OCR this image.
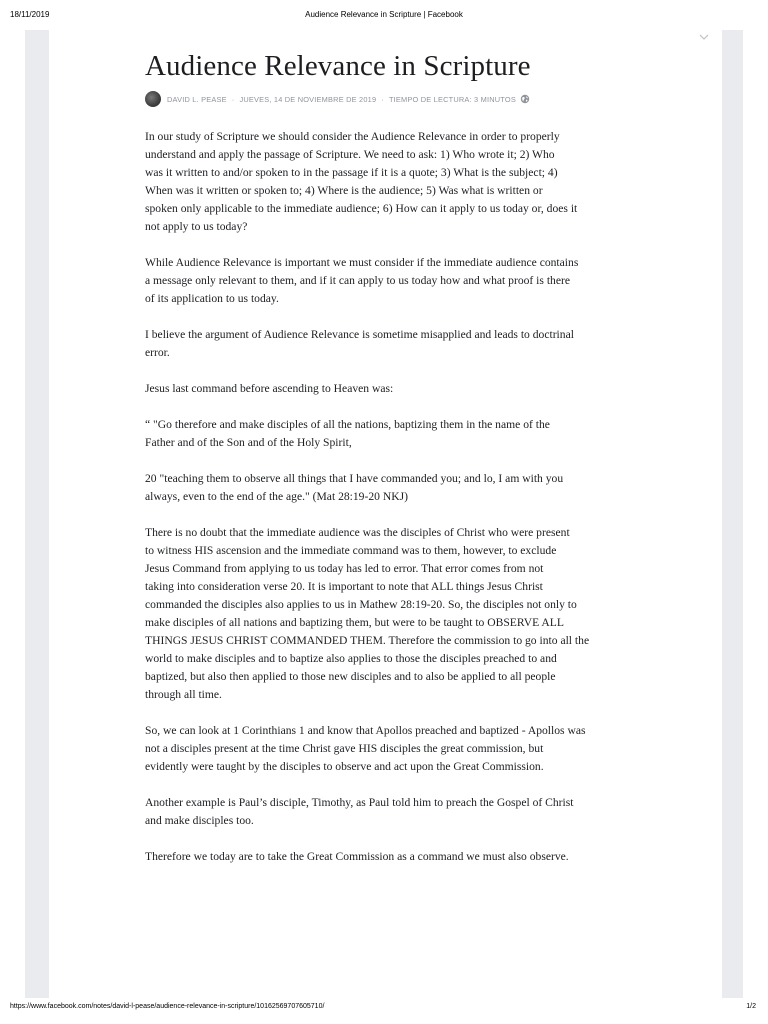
18/11/2019	Audience Relevance in Scripture | Facebook
Audience Relevance in Scripture
DAVID L. PEASE · JUEVES, 14 DE NOVIEMBRE DE 2019 · TIEMPO DE LECTURA: 3 MINUTOS

In our study of Scripture we should consider the Audience Relevance in order to properly
understand and apply the passage of Scripture. We need to ask: 1) Who wrote it; 2) Who
was it written to and/or spoken to in the passage if it is a quote; 3) What is the subject; 4)
When was it written or spoken to; 4) Where is the audience; 5) Was what is written or
spoken only applicable to the immediate audience; 6) How can it apply to us today or, does it
not apply to us today?

While Audience Relevance is important we must consider if the immediate audience contains
a message only relevant to them, and if it can apply to us today how and what proof is there
of its application to us today.

I believe the argument of Audience Relevance is sometime misapplied and leads to doctrinal
error.

Jesus last command before ascending to Heaven was:

“ "Go therefore and make disciples of all the nations, baptizing them in the name of the
Father and of the Son and of the Holy Spirit,

20 "teaching them to observe all things that I have commanded you; and lo, I am with you
always, even to the end of the age." (Mat 28:19-20 NKJ)

There is no doubt that the immediate audience was the disciples of Christ who were present
to witness HIS ascension and the immediate command was to them, however, to exclude
Jesus Command from applying to us today has led to error. That error comes from not
taking into consideration verse 20. It is important to note that ALL things Jesus Christ
commanded the disciples also applies to us in Mathew 28:19-20. So, the disciples not only to
make disciples of all nations and baptizing them, but were to be taught to OBSERVE ALL
THINGS JESUS CHRIST COMMANDED THEM. Therefore the commission to go into all the
world to make disciples and to baptize also applies to those the disciples preached to and
baptized, but also then applied to those new disciples and to also be applied to all people
through all time.

So, we can look at 1 Corinthians 1 and know that Apollos preached and baptized - Apollos was
not a disciples present at the time Christ gave HIS disciples the great commission, but
evidently were taught by the disciples to observe and act upon the Great Commission.

Another example is Paul’s disciple, Timothy, as Paul told him to preach the Gospel of Christ
and make disciples too.

Therefore we today are to take the Great Commission as a command we must also observe.

https://www.facebook.com/notes/david-l-pease/audience-relevance-in-scripture/10162569707605710/	1/2
